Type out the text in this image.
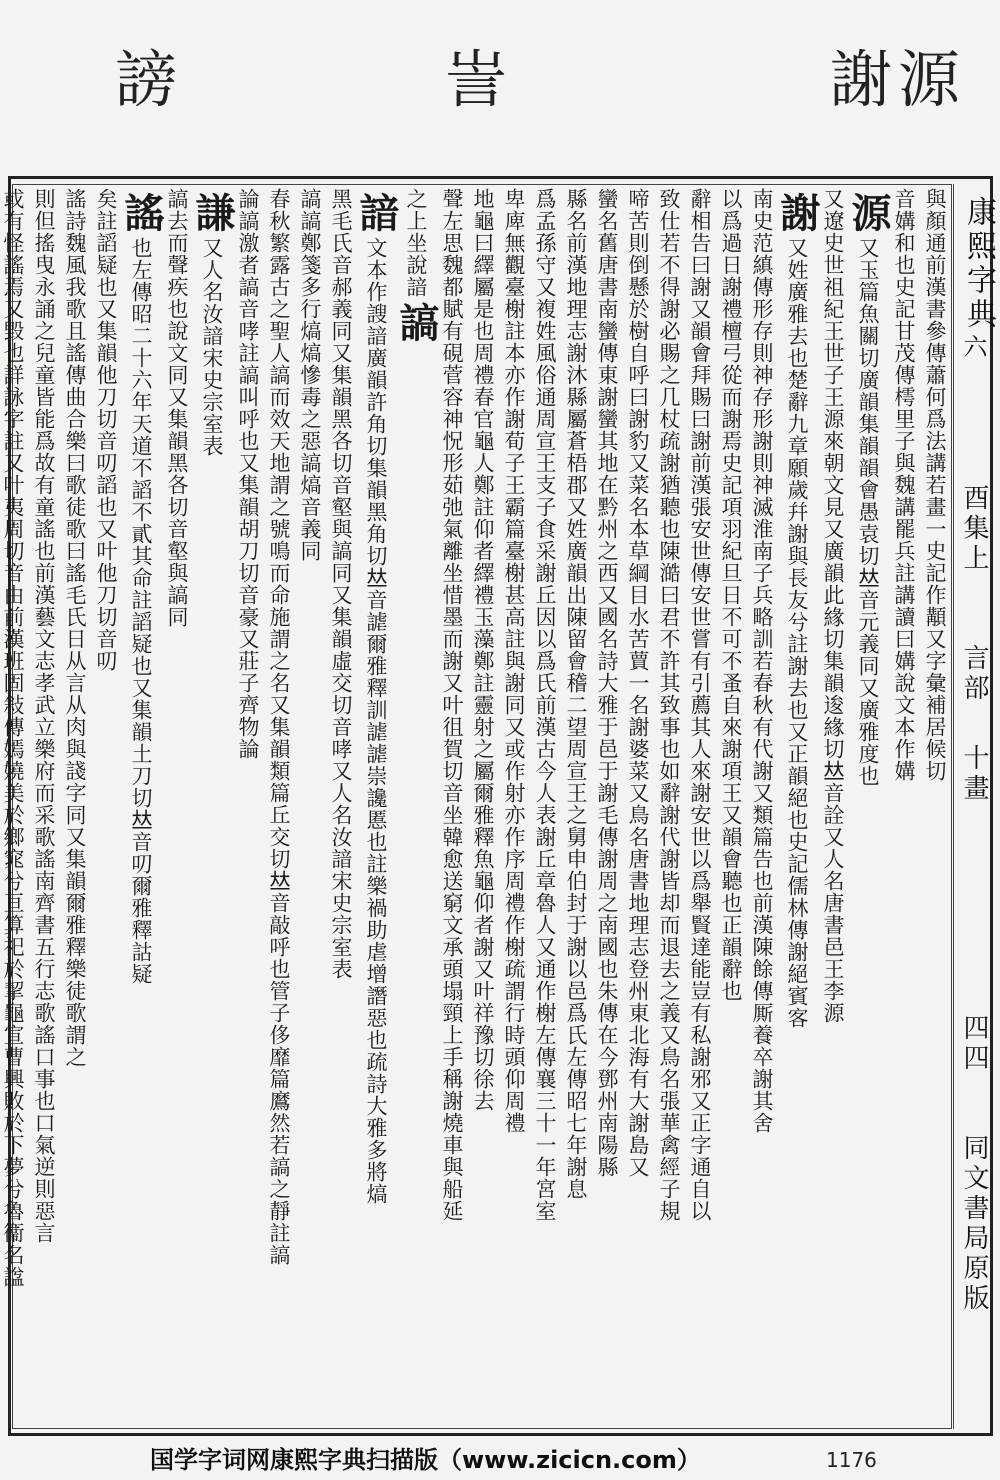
謗	訔	謝源
康熙字典
六
酉集上
言部
十畫
四四
同文書局原版
與顏通前漢書參傳蕭何爲法講若畫一史記作顜又字彙補居候切
音媾和也史記甘茂傳樗里子與魏講罷兵註講讀曰媾說文本作媾
源又玉篇魚關切廣韻集韻韻會愚袁切𠀤音元義同又廣雅度也
又遼史世祖紀王世子王源來朝文見又廣韻此緣切集韻逡緣切𠀤音詮又人名唐書邑王李源
謝又姓廣雅去也楚辭九章願歲幷謝與長友兮註謝去也又正韻絕也史記儒林傳謝絕賓客
南史范縝傳形存則神存形謝則神滅淮南子兵略訓若春秋有代謝又類篇告也前漢陳餘傳厮養卒謝其舍
以爲過日謝禮檀弓從而謝焉史記項羽紀旦日不可不蚤自來謝項王又韻會聽也正韻辭也
辭相告曰謝又韻會拜賜曰謝前漢張安世傳安世嘗有引薦其人來謝安世以爲舉賢達能豈有私謝邪又正字通自以
致仕若不得謝必賜之几杖疏謝猶聽也陳澔曰君不許其致事也如辭謝代謝皆却而退去之義又鳥名張華禽經子規
啼苦則倒懸於樹自呼曰謝豹又菜名本草綱目水苦蕒一名謝婆菜又鳥名唐書地理志登州東北海有大謝島又
蠻名舊唐書南蠻傳東謝蠻其地在黔州之西又國名詩大雅于邑于謝毛傳謝周之南國也朱傳在今鄧州南陽縣
縣名前漢地理志謝沐縣屬蒼梧郡又姓廣韻出陳留會稽二望周宣王之舅申伯封于謝以邑爲氏左傳昭七年謝息
爲孟孫守又複姓風俗通周宣王支子食采謝丘因以爲氏前漢古今人表謝丘章魯人又通作榭左傳襄三十一年宮室
卑庳無觀臺榭註本亦作謝荀子王霸篇臺榭甚高註與謝同又或作射亦作序周禮作榭疏謂行時頭仰周禮
地龜曰繹屬是也周禮春官龜人鄭註仰者繹禮玉藻鄭註靈射之屬爾雅釋魚龜仰者謝又叶祥豫切徐去
聲左思魏都賦有硯菅容神怳形茹弛氣離坐惜墨而謝又叶徂賀切音坐韓愈送窮文承頭塌頸上手稱謝燒車與船延
之上坐說諳謞
諳文本作謏諳廣韻許角切集韻黑角切𠀤音謔爾雅釋訓謔謔崇讒慝也註樂禍助虐增譖惡也疏詩大雅多將熇
黑毛氏音郝義同又集韻黑各切音壑與謞同又集韻虛交切音哮又人名汝諳宋史宗室表
謞謞鄭箋多行熇熇慘毒之惡謞熇音義同
春秋繁露古之聖人謞而效天地謂之號鳴而命施謂之名又集韻類篇丘交切𠀤音敲呼也管子侈靡篇䳸然若謞之靜註謞
論謞激者謞音哮註謞叫呼也又集韻胡刀切音豪又莊子齊物論
謙又人名汝諳宋史宗室表
謞去而聲疾也說文同又集韻黑各切音壑與謞同
謠也左傳昭二十六年天道不謟不貳其命註謟疑也又集韻土刀切𠀤音叨爾雅釋詁疑
矣註謟疑也又集韻他刀切音叨謟也又叶他刀切音叨
謠詩魏風我歌且謠傳曲合樂曰歌徒歌曰謠毛氏日从言从肉與諓字同又集韻爾雅釋樂徒歌謂之
則但搖曳永誦之兒童皆能爲故有童謠也前漢藝文志孝武立樂府而采歌謠南齊書五行志歌謠口事也口氣逆則惡言
或有怪謠焉又毀也詳詠字註又叶夷周切音由前漢班固敍傳嫣嬈美於鄉窕兮亘算祀於挈龜宣曹興敗於下夢兮魯衞名諡
国学字词网康熙字典扫描版（www.zicicn.com）	1176
